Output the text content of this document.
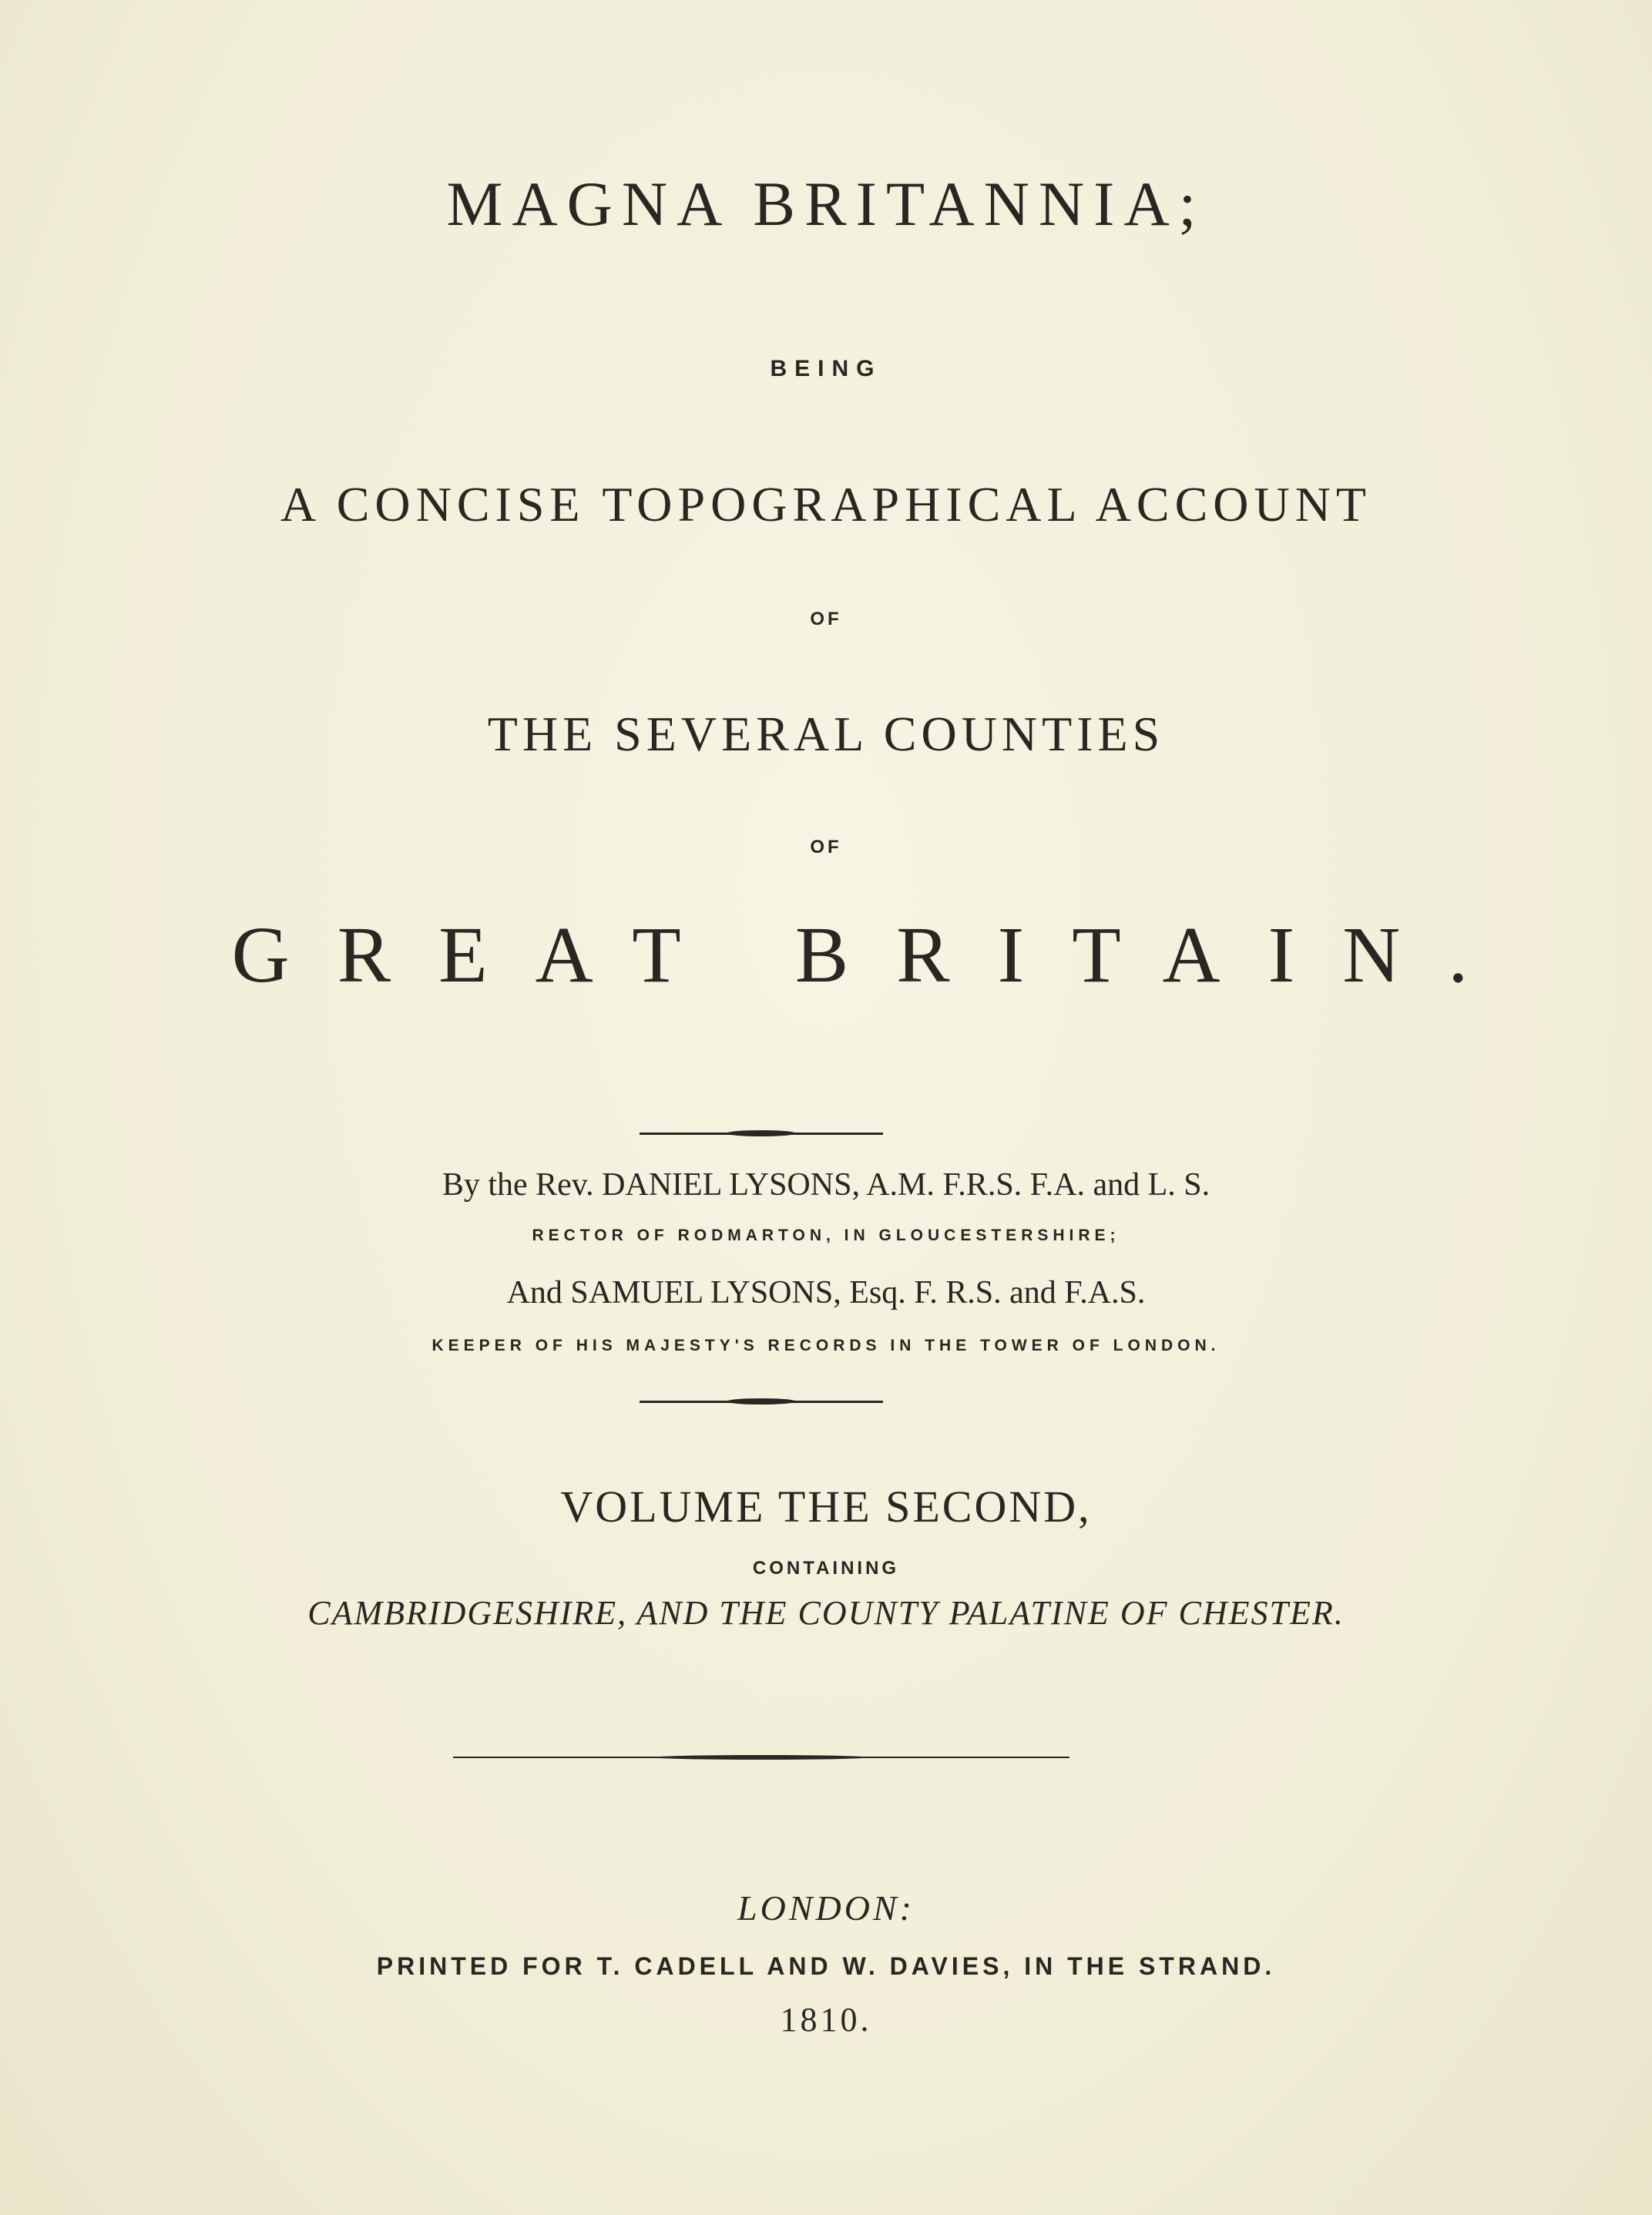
MAGNA BRITANNIA;
BEING
A CONCISE TOPOGRAPHICAL ACCOUNT
OF
THE SEVERAL COUNTIES
OF
GREAT BRITAIN.
By the Rev. DANIEL LYSONS, A.M. F.R.S. F.A. and L. S.
RECTOR OF RODMARTON, IN GLOUCESTERSHIRE;
And SAMUEL LYSONS, Esq. F. R.S. and F.A.S.
KEEPER OF HIS MAJESTY'S RECORDS IN THE TOWER OF LONDON.
VOLUME THE SECOND,
CONTAINING
CAMBRIDGESHIRE, AND THE COUNTY PALATINE OF CHESTER.
LONDON:
PRINTED FOR T. CADELL AND W. DAVIES, IN THE STRAND.
1810.
